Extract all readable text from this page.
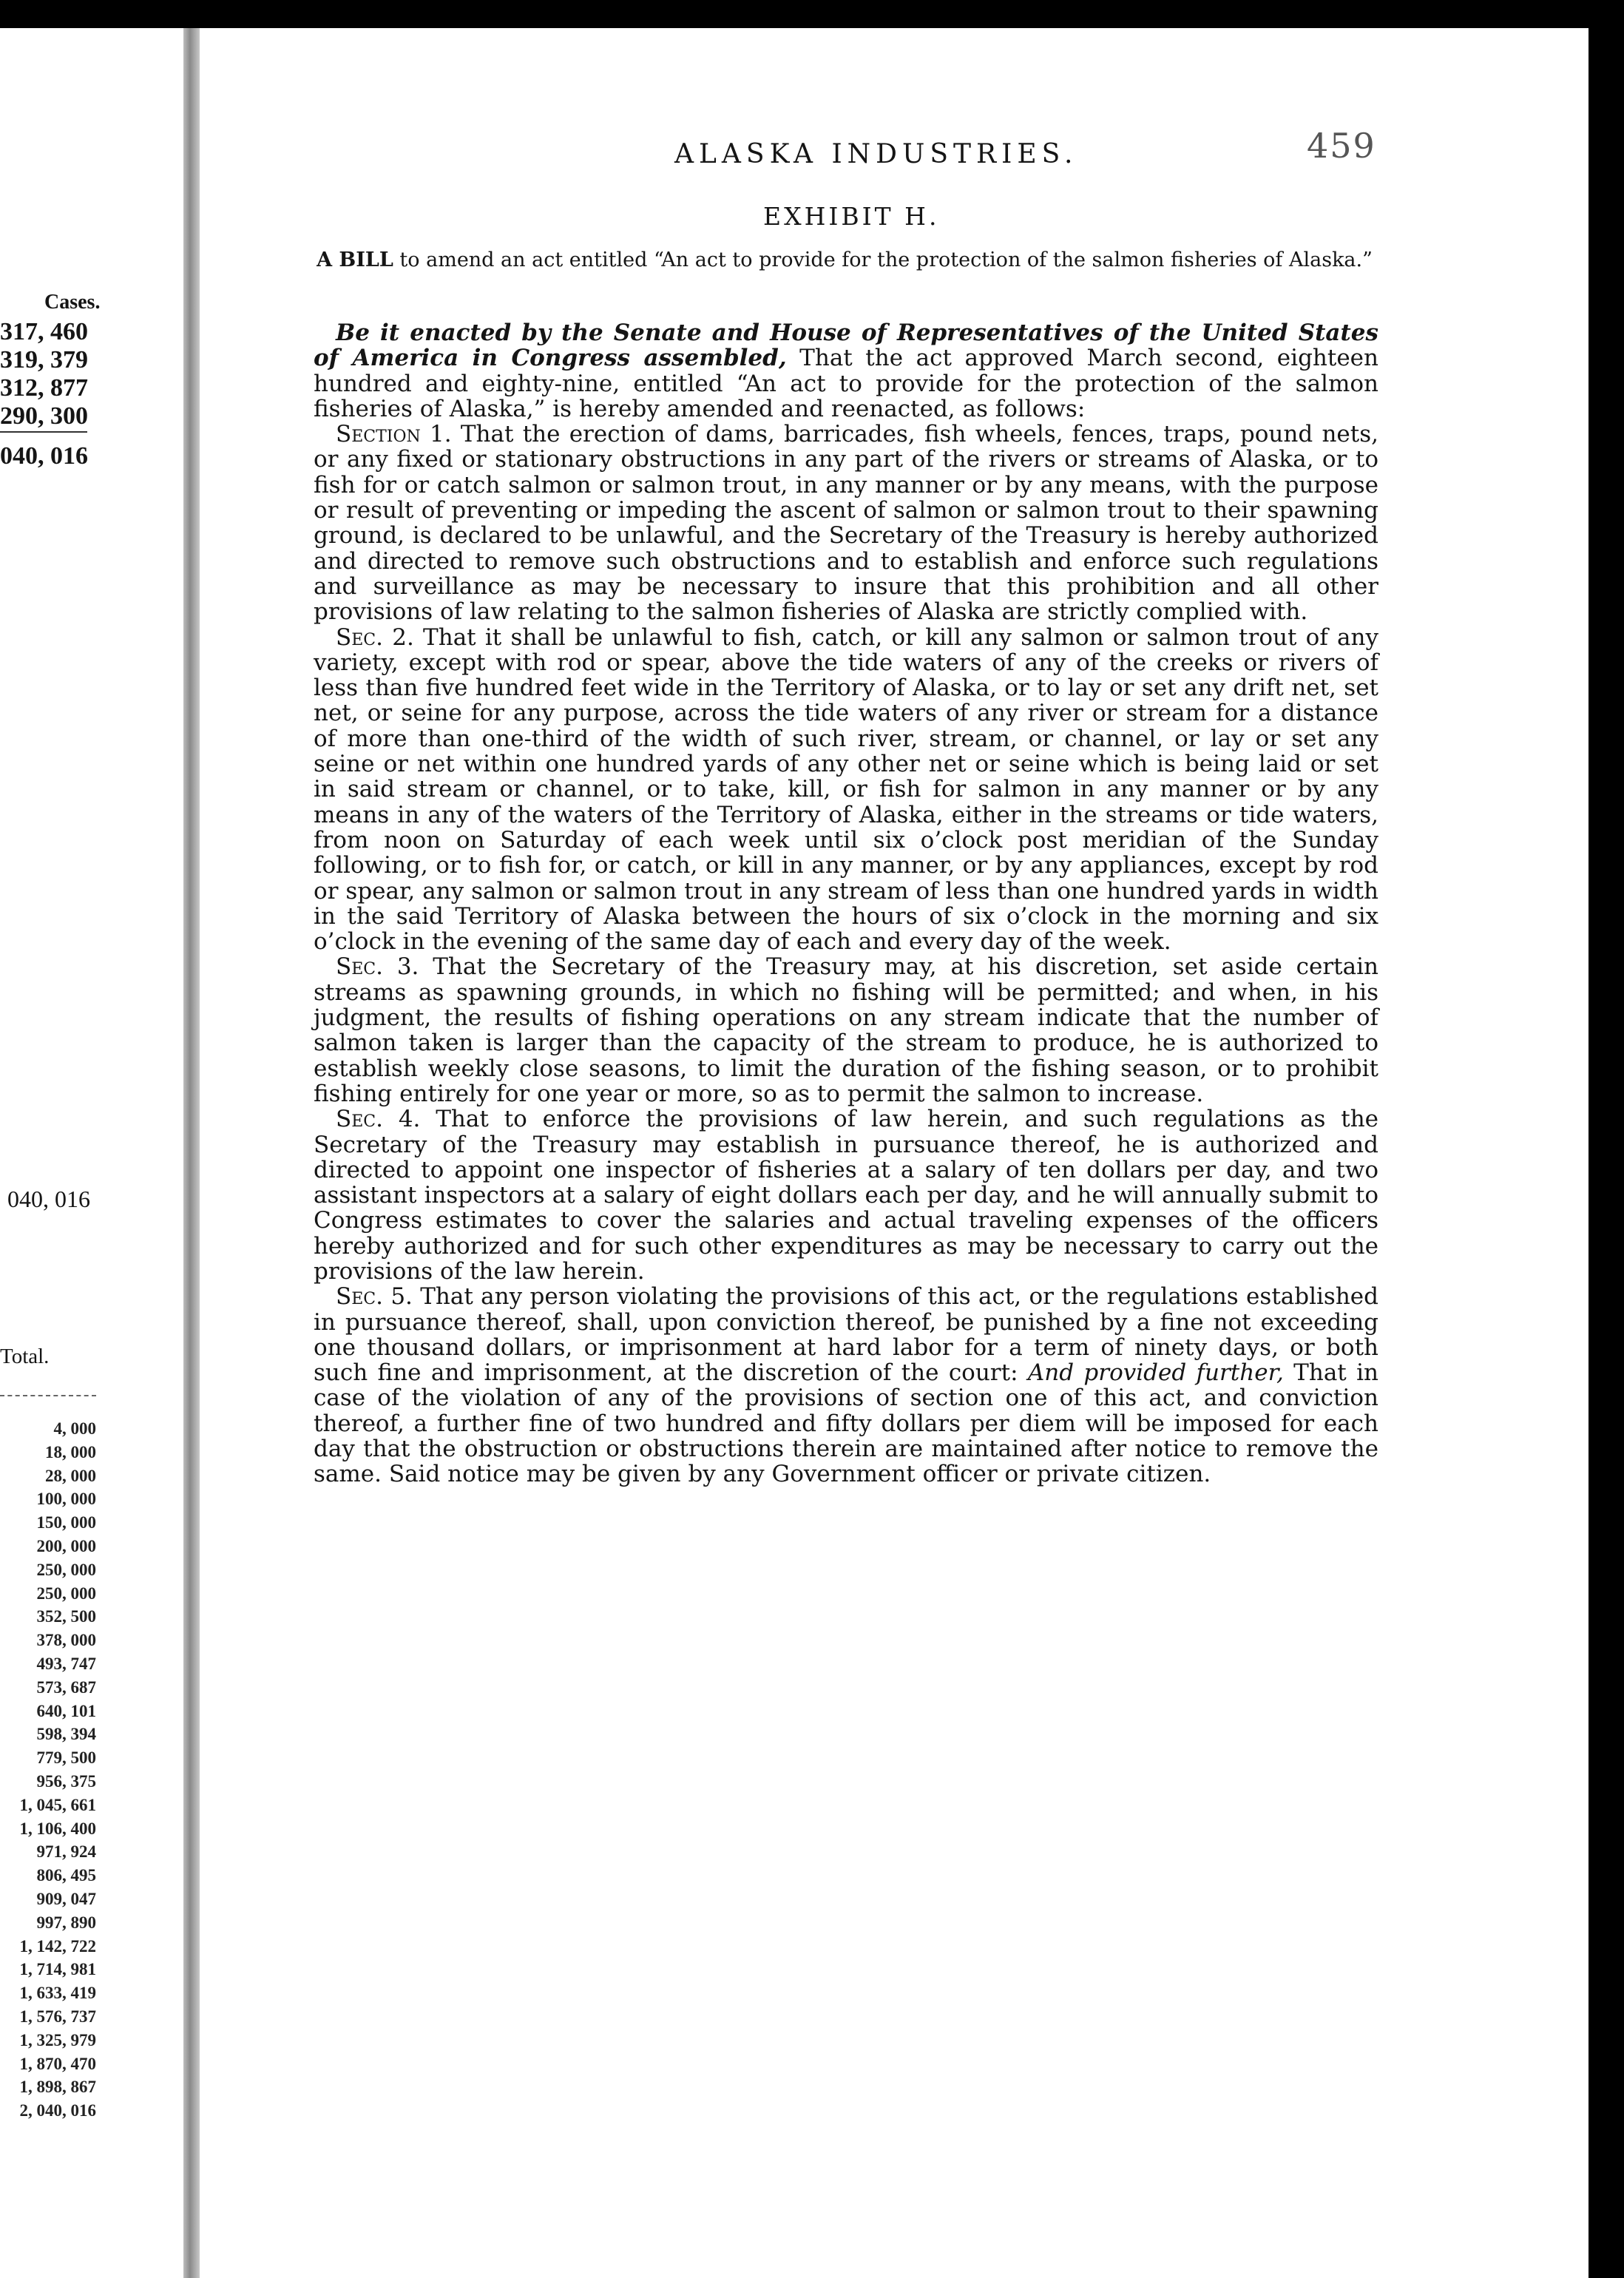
Cases.

317, 460
319, 379
312, 877
290, 300

040, 016

040, 016

Total.

4, 000
18, 000
28, 000
100, 000
150, 000
200, 000
250, 000
250, 000
352, 500
378, 000
493, 747
573, 687
640, 101
598, 394
779, 500
956, 375
1, 045, 661
1, 106, 400
971, 924
806, 495
909, 047
997, 890
1, 142, 722
1, 714, 981
1, 633, 419
1, 576, 737
1, 325, 979
1, 870, 470
1, 898, 867
2, 040, 016
ALASKA INDUSTRIES.	459

EXHIBIT H.

A BILL to amend an act entitled “An act to provide for the protection of the salmon fisheries of Alaska.”

Be it enacted by the Senate and House of Representatives of the United States of America in Congress assembled, That the act approved March second, eighteen hundred and eighty-nine, entitled “An act to provide for the protection of the salmon fisheries of Alaska,” is hereby amended and reenacted, as follows:

Section 1. That the erection of dams, barricades, fish wheels, fences, traps, pound nets, or any fixed or stationary obstructions in any part of the rivers or streams of Alaska, or to fish for or catch salmon or salmon trout, in any manner or by any means, with the purpose or result of preventing or impeding the ascent of salmon or salmon trout to their spawning ground, is declared to be unlawful, and the Secretary of the Treasury is hereby authorized and directed to remove such obstructions and to establish and enforce such regulations and surveillance as may be necessary to insure that this prohibition and all other provisions of law relating to the salmon fisheries of Alaska are strictly complied with.

Sec. 2. That it shall be unlawful to fish, catch, or kill any salmon or salmon trout of any variety, except with rod or spear, above the tide waters of any of the creeks or rivers of less than five hundred feet wide in the Territory of Alaska, or to lay or set any drift net, set net, or seine for any purpose, across the tide waters of any river or stream for a distance of more than one-third of the width of such river, stream, or channel, or lay or set any seine or net within one hundred yards of any other net or seine which is being laid or set in said stream or channel, or to take, kill, or fish for salmon in any manner or by any means in any of the waters of the Territory of Alaska, either in the streams or tide waters, from noon on Saturday of each week until six o’clock post meridian of the Sunday following, or to fish for, or catch, or kill in any manner, or by any appliances, except by rod or spear, any salmon or salmon trout in any stream of less than one hundred yards in width in the said Territory of Alaska between the hours of six o’clock in the morning and six o’clock in the evening of the same day of each and every day of the week.

Sec. 3. That the Secretary of the Treasury may, at his discretion, set aside certain streams as spawning grounds, in which no fishing will be permitted; and when, in his judgment, the results of fishing operations on any stream indicate that the number of salmon taken is larger than the capacity of the stream to produce, he is authorized to establish weekly close seasons, to limit the duration of the fishing season, or to prohibit fishing entirely for one year or more, so as to permit the salmon to increase.

Sec. 4. That to enforce the provisions of law herein, and such regulations as the Secretary of the Treasury may establish in pursuance thereof, he is authorized and directed to appoint one inspector of fisheries at a salary of ten dollars per day, and two assistant inspectors at a salary of eight dollars each per day, and he will annually submit to Congress estimates to cover the salaries and actual traveling expenses of the officers hereby authorized and for such other expenditures as may be necessary to carry out the provisions of the law herein.

Sec. 5. That any person violating the provisions of this act, or the regulations established in pursuance thereof, shall, upon conviction thereof, be punished by a fine not exceeding one thousand dollars, or imprisonment at hard labor for a term of ninety days, or both such fine and imprisonment, at the discretion of the court: And provided further, That in case of the violation of any of the provisions of section one of this act, and conviction thereof, a further fine of two hundred and fifty dollars per diem will be imposed for each day that the obstruction or obstructions therein are maintained after notice to remove the same. Said notice may be given by any Government officer or private citizen.
